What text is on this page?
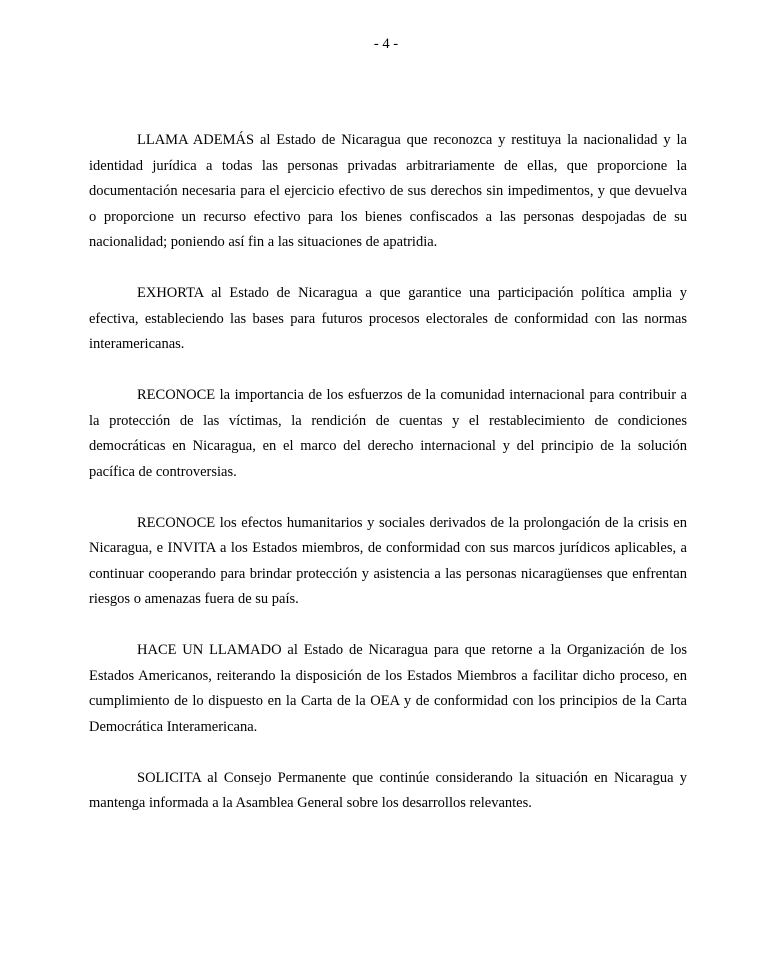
- 4 -

LLAMA ADEMÁS al Estado de Nicaragua que reconozca y restituya la nacionalidad y la identidad jurídica a todas las personas privadas arbitrariamente de ellas, que proporcione la documentación necesaria para el ejercicio efectivo de sus derechos sin impedimentos, y que devuelva o proporcione un recurso efectivo para los bienes confiscados a las personas despojadas de su nacionalidad; poniendo así fin a las situaciones de apatridia.

EXHORTA al Estado de Nicaragua a que garantice una participación política amplia y efectiva, estableciendo las bases para futuros procesos electorales de conformidad con las normas interamericanas.

RECONOCE la importancia de los esfuerzos de la comunidad internacional para contribuir a la protección de las víctimas, la rendición de cuentas y el restablecimiento de condiciones democráticas en Nicaragua, en el marco del derecho internacional y del principio de la solución pacífica de controversias.

RECONOCE los efectos humanitarios y sociales derivados de la prolongación de la crisis en Nicaragua, e INVITA a los Estados miembros, de conformidad con sus marcos jurídicos aplicables, a continuar cooperando para brindar protección y asistencia a las personas nicaragüenses que enfrentan riesgos o amenazas fuera de su país.

HACE UN LLAMADO al Estado de Nicaragua para que retorne a la Organización de los Estados Americanos, reiterando la disposición de los Estados Miembros a facilitar dicho proceso, en cumplimiento de lo dispuesto en la Carta de la OEA y de conformidad con los principios de la Carta Democrática Interamericana.

SOLICITA al Consejo Permanente que continúe considerando la situación en Nicaragua y mantenga informada a la Asamblea General sobre los desarrollos relevantes.
